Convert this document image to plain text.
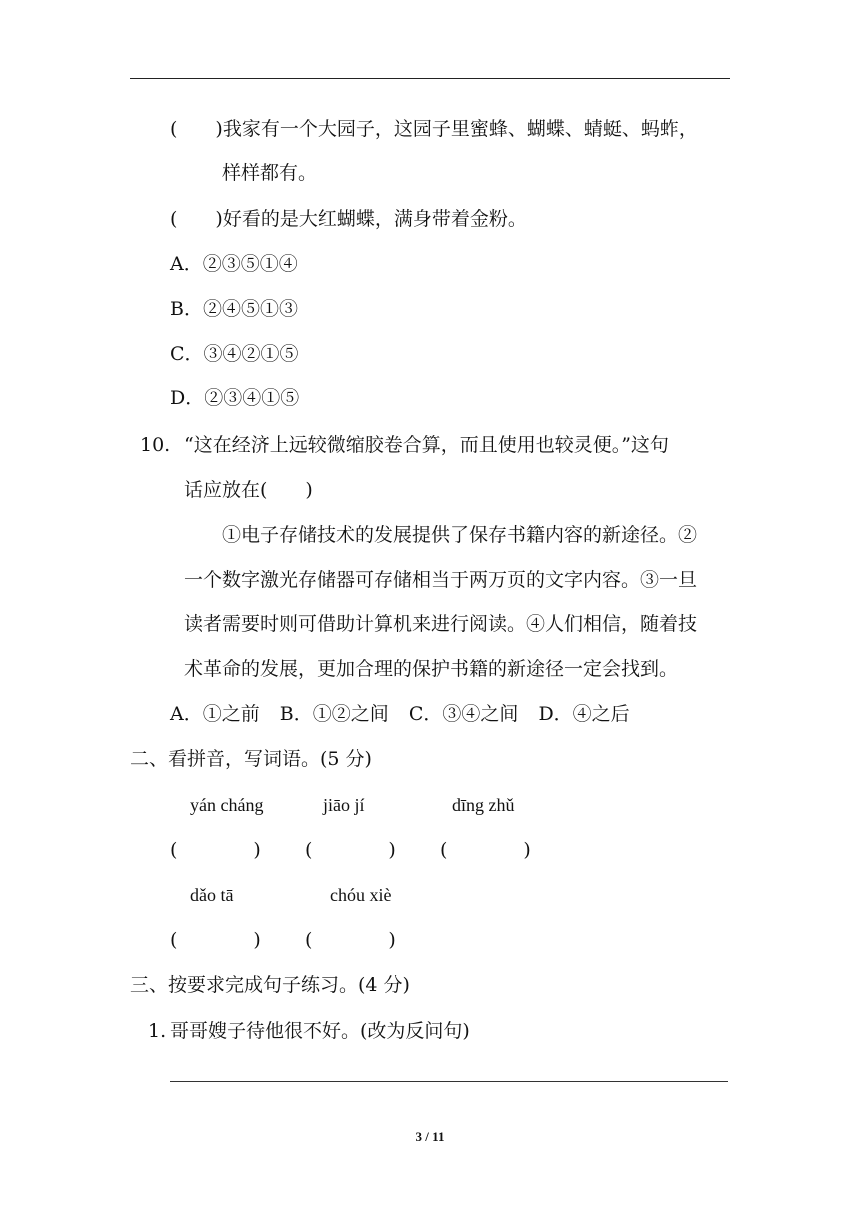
(　　)我家有一个大园子，这园子里蜜蜂、蝴蝶、蜻蜓、蚂蚱，
样样都有。
(　　)好看的是大红蝴蝶，满身带着金粉。
A．②③⑤①④
B．②④⑤①③
C．③④②①⑤
D．②③④①⑤
10. “这在经济上远较微缩胶卷合算，而且使用也较灵便。”这句
话应放在(　　)
①电子存储技术的发展提供了保存书籍内容的新途径。②
一个数字激光存储器可存储相当于两万页的文字内容。③一旦
读者需要时则可借助计算机来进行阅读。④人们相信，随着技
术革命的发展，更加合理的保护书籍的新途径一定会找到。
A．①之前 B．①②之间 C．③④之间 D．④之后
二、看拼音，写词语。(5 分)
yán cháng	jiāo jí	dīng zhǔ
(　　　　) (　　　　) (　　　　)
dǎo tā	chóu xiè
(　　　　) (　　　　)
三、按要求完成句子练习。(4 分)
1. 哥哥嫂子待他很不好。(改为反问句)
3 / 11
